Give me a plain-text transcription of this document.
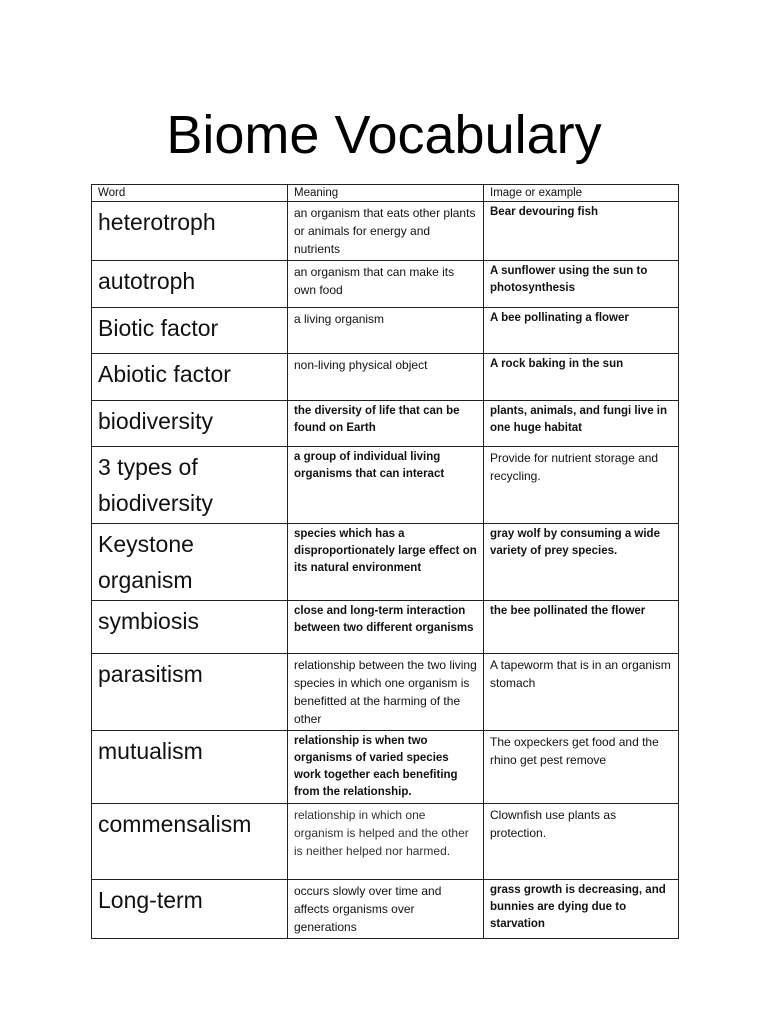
Biome Vocabulary
Word	Meaning	Image or example
heterotroph	an organism that eats other plants or animals for energy and nutrients	Bear devouring fish
autotroph	an organism that can make its own food	A sunflower using the sun to photosynthesis
Biotic factor	a living organism	A bee pollinating a flower
Abiotic factor	non-living physical object	A rock baking in the sun
biodiversity	the diversity of life that can be found on Earth	plants, animals, and fungi live in one huge habitat
3 types of biodiversity	a group of individual living organisms that can interact	Provide for nutrient storage and recycling.
Keystone organism	species which has a disproportionately large effect on its natural environment	gray wolf by consuming a wide variety of prey species.
symbiosis	close and long-term interaction between two different organisms	the bee pollinated the flower
parasitism	relationship between the two living species in which one organism is benefitted at the harming of the other	A tapeworm that is in an organism stomach
mutualism	relationship is when two organisms of varied species work together each benefiting from the relationship.	The oxpeckers get food and the rhino get pest remove
commensalism	relationship in which one organism is helped and the other is neither helped nor harmed.	Clownfish use plants as protection.
Long-term	occurs slowly over time and affects organisms over generations	grass growth is decreasing, and bunnies are dying due to starvation
